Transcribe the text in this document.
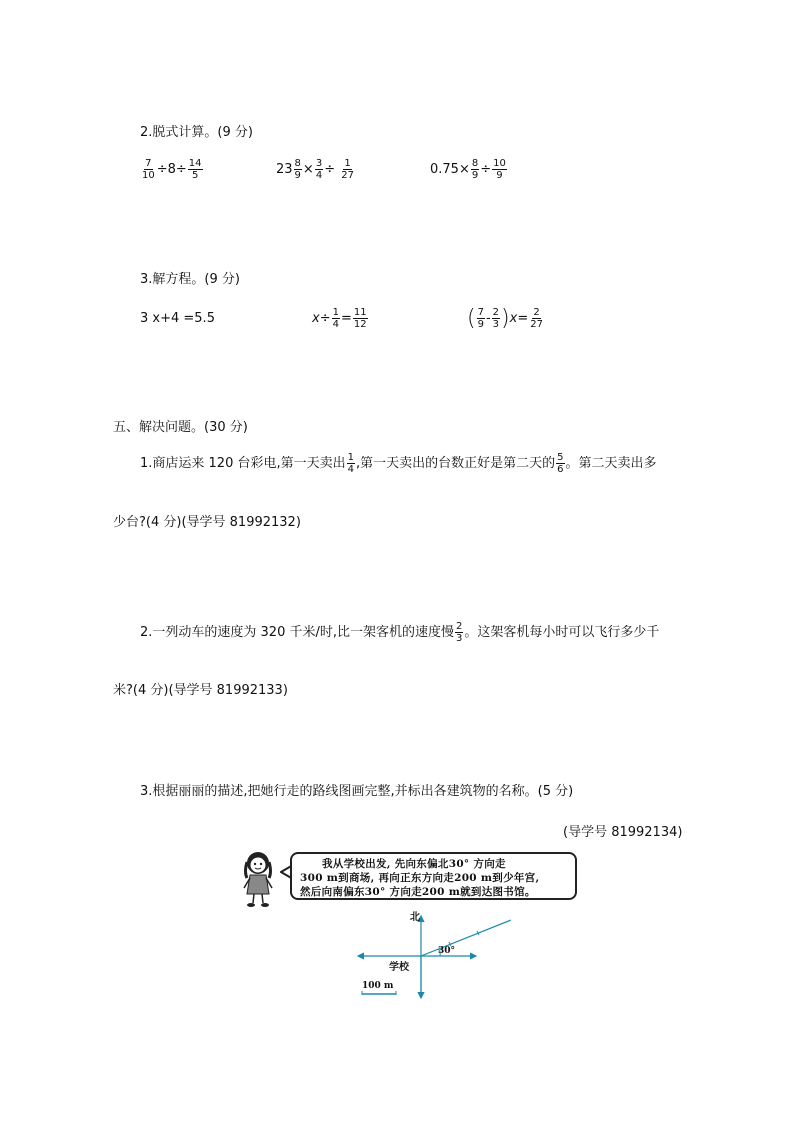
2.脱式计算。(9 分)
$\frac{7}{10} \div 8\div \frac{14}{5}$	$23 \frac{8}{9} \times \frac{3}{4} \div \frac{1}{27}$	$0.75\times \frac{8}{9} \div \frac{10}{9}$
3.解方程。(9 分)
3 x+4 =5.5	$x\div \frac{1}{4} = \frac{11}{12}$	( $\frac{7}{9} - \frac{2}{3} )x= \frac{2}{27}$
五、解决问题。(30 分)
1.商店运来 120 台彩电,第一天卖出 $\frac{1}{4}$ ,第一天卖出的台数正好是第二天的 $\frac{5}{6}$ 。第二天卖出多
少台?(4 分)(导学号 81992132)
2.一列动车的速度为 320 千米/时,比一架客机的速度慢 $\frac{2}{3}$ 。这架客机每小时可以飞行多少千
米?(4 分)(导学号 81992133)
3.根据丽丽的描述,把她行走的路线图画完整,并标出各建筑物的名称。(5 分)
(导学号 81992134)
我从学校出发, 先向东偏北30° 方向走
300 m到商场, 再向正东方向走200 m到少年宫,
然后向南偏东30° 方向走200 m就到达图书馆。
北
学校
30°
100 m
